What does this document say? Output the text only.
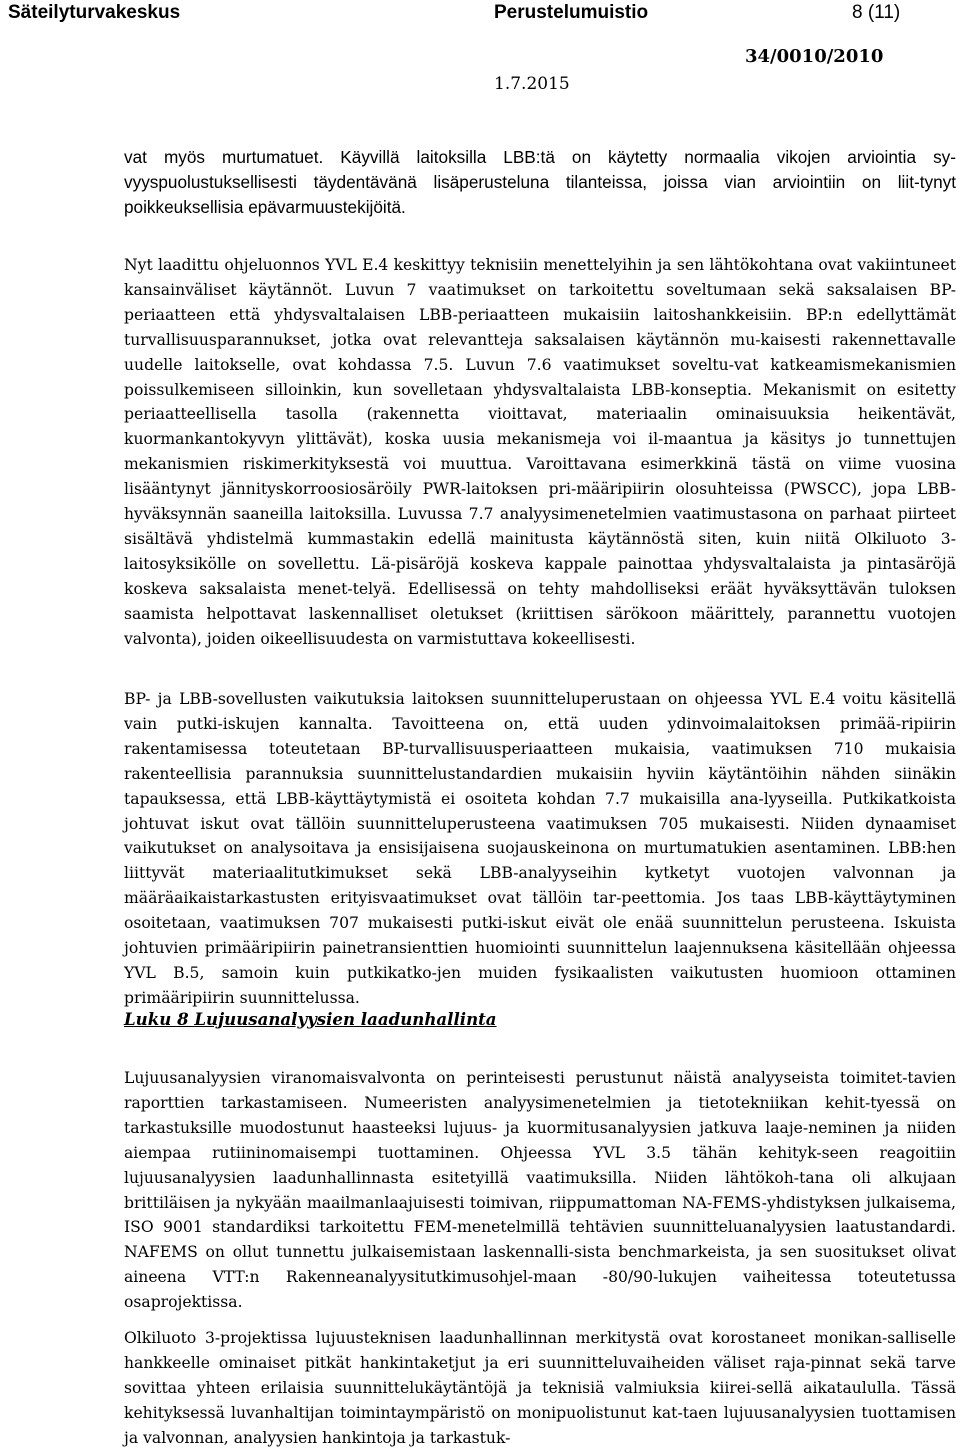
Säteilyturvakeskus	Perustelumuistio	8 (11)
34/0010/2010
1.7.2015

vat myös murtumatuet. Käyvillä laitoksilla LBB:tä on käytetty normaalia vikojen arviointia sy-vyyspuolustuksellisesti täydentävänä lisäperusteluna tilanteissa, joissa vian arviointiin on liit-tynyt poikkeuksellisia epävarmuustekijöitä.

Nyt laadittu ohjeluonnos YVL E.4 keskittyy teknisiin menettelyihin ja sen lähtökohtana ovat vakiintuneet kansainväliset käytännöt. Luvun 7 vaatimukset on tarkoitettu soveltumaan sekä saksalaisen BP-periaatteen että yhdysvaltalaisen LBB-periaatteen mukaisiin laitoshankkeisiin. BP:n edellyttämät turvallisuusparannukset, jotka ovat relevantteja saksalaisen käytännön mu-kaisesti rakennettavalle uudelle laitokselle, ovat kohdassa 7.5. Luvun 7.6 vaatimukset soveltu-vat katkeamismekanismien poissulkemiseen silloinkin, kun sovelletaan yhdysvaltalaista LBB-konseptia. Mekanismit on esitetty periaatteellisella tasolla (rakennetta vioittavat, materiaalin ominaisuuksia heikentävät, kuormankantokyvyn ylittävät), koska uusia mekanismeja voi il-maantua ja käsitys jo tunnettujen mekanismien riskimerkityksestä voi muuttua. Varoittavana esimerkkinä tästä on viime vuosina lisääntynyt jännityskorroosiosäröily PWR-laitoksen pri-määripiirin olosuhteissa (PWSCC), jopa LBB-hyväksynnän saaneilla laitoksilla. Luvussa 7.7 analyysimenetelmien vaatimustasona on parhaat piirteet sisältävä yhdistelmä kummastakin edellä mainitusta käytännöstä siten, kuin niitä Olkiluoto 3-laitosyksikölle on sovellettu. Lä-pisäröjä koskeva kappale painottaa yhdysvaltalaista ja pintasäröjä koskeva saksalaista menet-telyä. Edellisessä on tehty mahdolliseksi eräät hyväksyttävän tuloksen saamista helpottavat laskennalliset oletukset (kriittisen särökoon määrittely, parannettu vuotojen valvonta), joiden oikeellisuudesta on varmistuttava kokeellisesti.

BP- ja LBB-sovellusten vaikutuksia laitoksen suunnitteluperustaan on ohjeessa YVL E.4 voitu käsitellä vain putki-iskujen kannalta. Tavoitteena on, että uuden ydinvoimalaitoksen primää-ripiirin rakentamisessa toteutetaan BP-turvallisuusperiaatteen mukaisia, vaatimuksen 710 mukaisia rakenteellisia parannuksia suunnittelustandardien mukaisiin hyviin käytäntöihin nähden siinäkin tapauksessa, että LBB-käyttäytymistä ei osoiteta kohdan 7.7 mukaisilla ana-lyyseilla. Putkikatkoista johtuvat iskut ovat tällöin suunnitteluperusteena vaatimuksen 705 mukaisesti. Niiden dynaamiset vaikutukset on analysoitava ja ensisijaisena suojauskeinona on murtumatukien asentaminen. LBB:hen liittyvät materiaalitutkimukset sekä LBB-analyyseihin kytketyt vuotojen valvonnan ja määräaikaistarkastusten erityisvaatimukset ovat tällöin tar-peettomia. Jos taas LBB-käyttäytyminen osoitetaan, vaatimuksen 707 mukaisesti putki-iskut eivät ole enää suunnittelun perusteena. Iskuista johtuvien primääripiirin painetransienttien huomiointi suunnittelun laajennuksena käsitellään ohjeessa YVL B.5, samoin kuin putkikatko-jen muiden fysikaalisten vaikutusten huomioon ottaminen primääripiirin suunnittelussa.

Luku 8 Lujuusanalyysien laadunhallinta

Lujuusanalyysien viranomaisvalvonta on perinteisesti perustunut näistä analyyseista toimitet-tavien raporttien tarkastamiseen. Numeeristen analyysimenetelmien ja tietotekniikan kehit-tyessä on tarkastuksille muodostunut haasteeksi lujuus- ja kuormitusanalyysien jatkuva laaje-neminen ja niiden aiempaa rutiininomaisempi tuottaminen. Ohjeessa YVL 3.5 tähän kehityk-seen reagoitiin lujuusanalyysien laadunhallinnasta esitetyillä vaatimuksilla. Niiden lähtökoh-tana oli alkujaan brittiläisen ja nykyään maailmanlaajuisesti toimivan, riippumattoman NA-FEMS-yhdistyksen julkaisema, ISO 9001 standardiksi tarkoitettu FEM-menetelmillä tehtävien suunnitteluanalyysien laatustandardi. NAFEMS on ollut tunnettu julkaisemistaan laskennalli-sista benchmarkeista, ja sen suositukset olivat aineena VTT:n Rakenneanalyysitutkimusohjel-maan -80/90-lukujen vaiheitessa toteutetussa osaprojektissa.

Olkiluoto 3-projektissa lujuusteknisen laadunhallinnan merkitystä ovat korostaneet monikan-salliselle hankkeelle ominaiset pitkät hankintaketjut ja eri suunnitteluvaiheiden väliset raja-pinnat sekä tarve sovittaa yhteen erilaisia suunnittelukäytäntöjä ja teknisiä valmiuksia kiirei-sellä aikataululla. Tässä kehityksessä luvanhaltijan toimintaympäristö on monipuolistunut kat-taen lujuusanalyysien tuottamisen ja valvonnan, analyysien hankintoja ja tarkastuk-
